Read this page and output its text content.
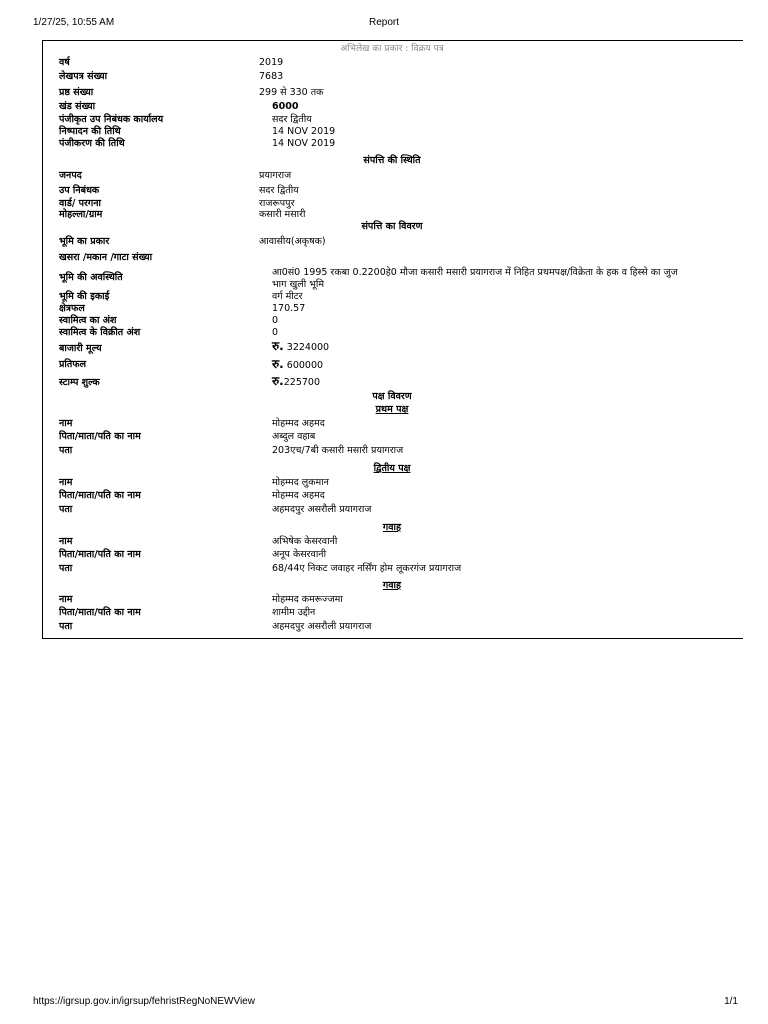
1/27/25, 10:55 AM	Report
अभिलेख का प्रकार : विक्रय पत्र
वर्ष	2019
लेखपत्र संख्या	7683
प्रष्ठ संख्या	299 से 330 तक
खंड संख्या	6000
पंजीकृत उप निबंधक कार्यालय	सदर द्वितीय
निष्पादन की तिथि	14 NOV 2019
पंजीकरण की तिथि	14 NOV 2019
संपत्ति की स्थिति
जनपद	प्रयागराज
उप निबंधक	सदर द्वितीय
वार्ड/ परगना	राजरूपपुर
मोहल्ला/ग्राम	कसारी मसारी
संपत्ति का विवरण
भूमि का प्रकार	आवासीय(अकृषक)
खसरा /मकान /गाटा संख्या
भूमि की अवस्थिति	आ0सं0 1995 रकबा 0.2200हे0 मौजा कसारी मसारी प्रयागराज में निहित प्रथमपक्ष/विक्रेता के हक व हिस्से का जुज
भाग खुली भूमि
भूमि की इकाई	वर्ग मीटर
क्षेत्रफल	170.57
स्वामित्व का अंश	0
स्वामित्व के विक्रीत अंश	0
बाजारी मूल्य	रु. 3224000
प्रतिफल	रु. 600000
स्टाम्प शुल्क	रु.225700
पक्ष विवरण
प्रथम पक्ष
नाम	मोहम्मद अहमद
पिता/माता/पति का नाम	अब्दुल वहाब
पता	203एच/7बी कसारी मसारी प्रयागराज
द्वितीय पक्ष
नाम	मोहम्मद लुकमान
पिता/माता/पति का नाम	मोहम्मद अहमद
पता	अहमदपुर असरौली प्रयागराज
गवाह
नाम	अभिषेक केसरवानी
पिता/माता/पति का नाम	अनूप केसरवानी
पता	68/44ए निकट जवाहर नर्सिंग होम लूकरगंज प्रयागराज
गवाह
नाम	मोहम्मद कमरूज्जमा
पिता/माता/पति का नाम	शामीम उद्दीन
पता	अहमदपुर असरौली प्रयागराज
https://igrsup.gov.in/igrsup/fehristRegNoNEWView	1/1
